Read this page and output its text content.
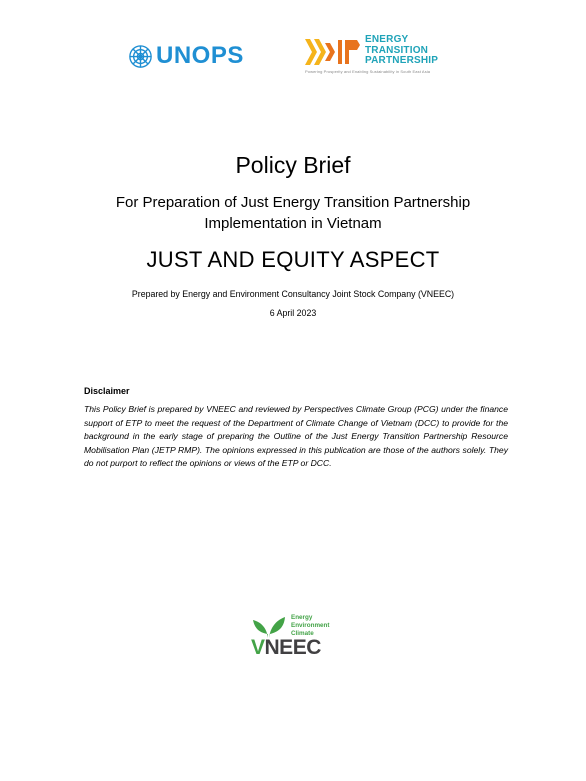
UNOPS
ENERGY
TRANSITION
PARTNERSHIP
Powering Prosperity and Enabling Sustainability in South East Asia
Policy Brief
For Preparation of Just Energy Transition Partnership
Implementation in Vietnam
JUST AND EQUITY ASPECT
Prepared by Energy and Environment Consultancy Joint Stock Company (VNEEC)
6 April 2023
Disclaimer
This Policy Brief is prepared by VNEEC and reviewed by Perspectives Climate Group (PCG) under the finance support of ETP to meet the request of the Department of Climate Change of Vietnam (DCC) to provide for the background in the early stage of preparing the Outline of the Just Energy Transition Partnership Resource Mobilisation Plan (JETP RMP). The opinions expressed in this publication are those of the authors solely. They do not purport to reflect the opinions or views of the ETP or DCC.
Energy
Environment
Climate
VNEEC
